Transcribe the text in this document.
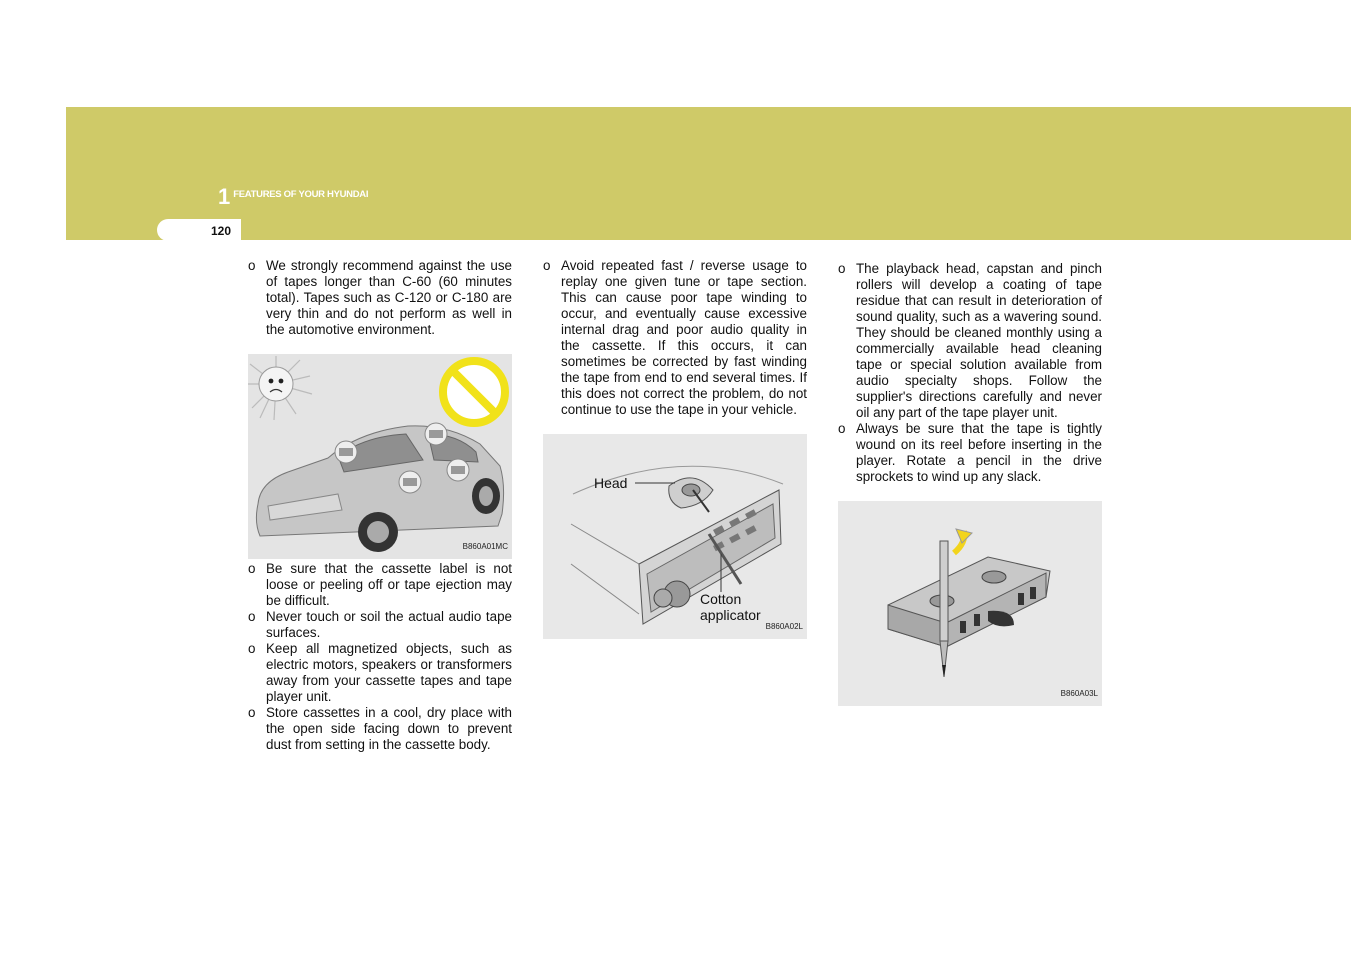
1 FEATURES OF YOUR HYUNDAI
120

o We strongly recommend against the use of tapes longer than C-60 (60 minutes total). Tapes such as C-120 or C-180 are very thin and do not perform as well in the automotive environment.

B860A01MC

o Be sure that the cassette label is not loose or peeling off or tape ejection may be difficult.

o Never touch or soil the actual audio tape surfaces.

o Keep all magnetized objects, such as electric motors, speakers or transformers away from your cassette tapes and tape player unit.

o Store cassettes in a cool, dry place with the open side facing down to prevent dust from setting in the cassette body.

o Avoid repeated fast / reverse usage to replay one given tune or tape section. This can cause poor tape winding to occur, and eventually cause excessive internal drag and poor audio quality in the cassette. If this occurs, it can sometimes be corrected by fast winding the tape from end to end several times. If this does not correct the problem, do not continue to use the tape in your vehicle.

Head
Cotton
applicator
B860A02L

o The playback head, capstan and pinch rollers will develop a coating of tape residue that can result in deterioration of sound quality, such as a wavering sound. They should be cleaned monthly using a commercially available head cleaning tape or special solution available from audio specialty shops. Follow the supplier's directions carefully and never oil any part of the tape player unit.

o Always be sure that the tape is tightly wound on its reel before inserting in the player. Rotate a pencil in the drive sprockets to wind up any slack.

B860A03L
